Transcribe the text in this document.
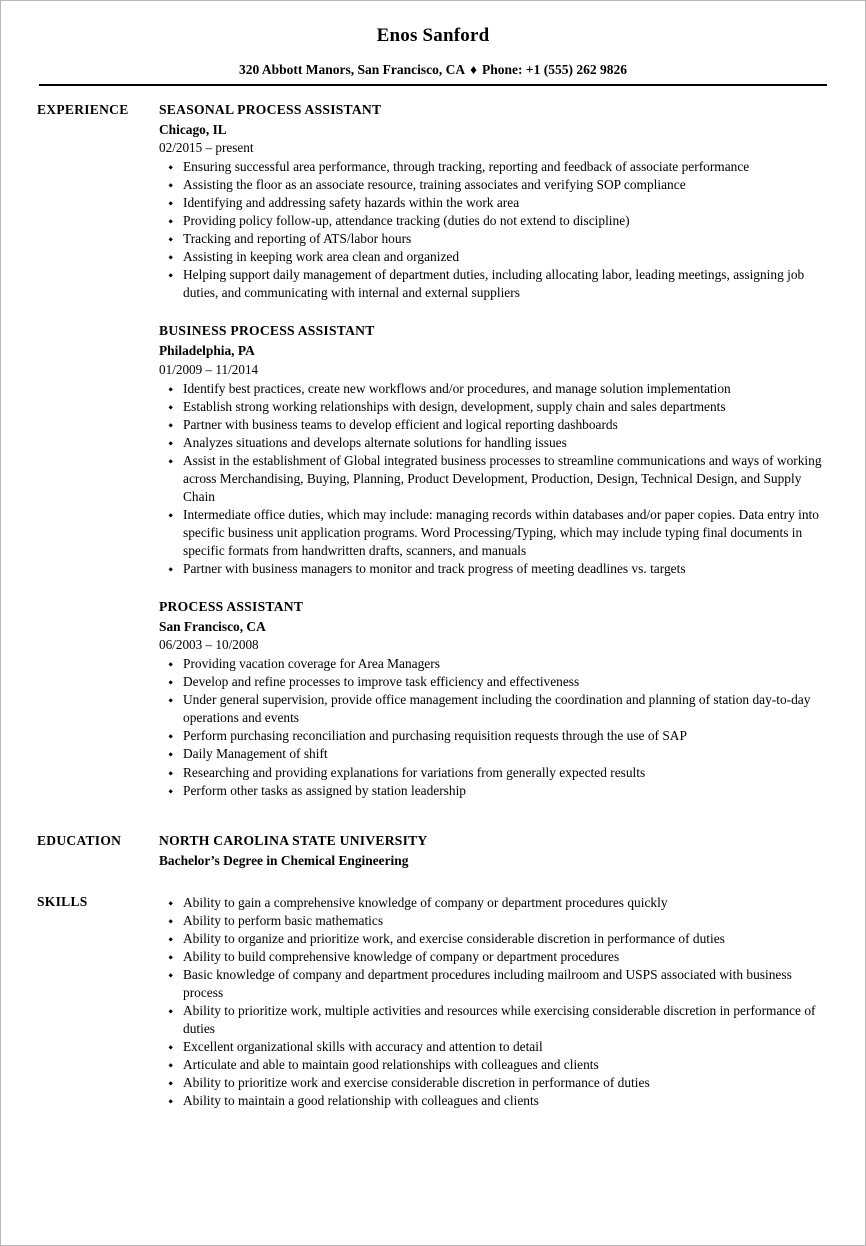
Enos Sanford
320 Abbott Manors, San Francisco, CA ♦ Phone: +1 (555) 262 9826
EXPERIENCE	SEASONAL PROCESS ASSISTANT
Chicago, IL
02/2015 – present
Ensuring successful area performance, through tracking, reporting and feedback of associate performance
Assisting the floor as an associate resource, training associates and verifying SOP compliance
Identifying and addressing safety hazards within the work area
Providing policy follow-up, attendance tracking (duties do not extend to discipline)
Tracking and reporting of ATS/labor hours
Assisting in keeping work area clean and organized
Helping support daily management of department duties, including allocating labor, leading meetings, assigning job duties, and communicating with internal and external suppliers
BUSINESS PROCESS ASSISTANT
Philadelphia, PA
01/2009 – 11/2014
Identify best practices, create new workflows and/or procedures, and manage solution implementation
Establish strong working relationships with design, development, supply chain and sales departments
Partner with business teams to develop efficient and logical reporting dashboards
Analyzes situations and develops alternate solutions for handling issues
Assist in the establishment of Global integrated business processes to streamline communications and ways of working across Merchandising, Buying, Planning, Product Development, Production, Design, Technical Design, and Supply Chain
Intermediate office duties, which may include: managing records within databases and/or paper copies. Data entry into specific business unit application programs. Word Processing/Typing, which may include typing final documents in specific formats from handwritten drafts, scanners, and manuals
Partner with business managers to monitor and track progress of meeting deadlines vs. targets
PROCESS ASSISTANT
San Francisco, CA
06/2003 – 10/2008
Providing vacation coverage for Area Managers
Develop and refine processes to improve task efficiency and effectiveness
Under general supervision, provide office management including the coordination and planning of station day-to-day operations and events
Perform purchasing reconciliation and purchasing requisition requests through the use of SAP
Daily Management of shift
Researching and providing explanations for variations from generally expected results
Perform other tasks as assigned by station leadership
EDUCATION	NORTH CAROLINA STATE UNIVERSITY
Bachelor’s Degree in Chemical Engineering
SKILLS	Ability to gain a comprehensive knowledge of company or department procedures quickly
Ability to perform basic mathematics
Ability to organize and prioritize work, and exercise considerable discretion in performance of duties
Ability to build comprehensive knowledge of company or department procedures
Basic knowledge of company and department procedures including mailroom and USPS associated with business process
Ability to prioritize work, multiple activities and resources while exercising considerable discretion in performance of duties
Excellent organizational skills with accuracy and attention to detail
Articulate and able to maintain good relationships with colleagues and clients
Ability to prioritize work and exercise considerable discretion in performance of duties
Ability to maintain a good relationship with colleagues and clients
